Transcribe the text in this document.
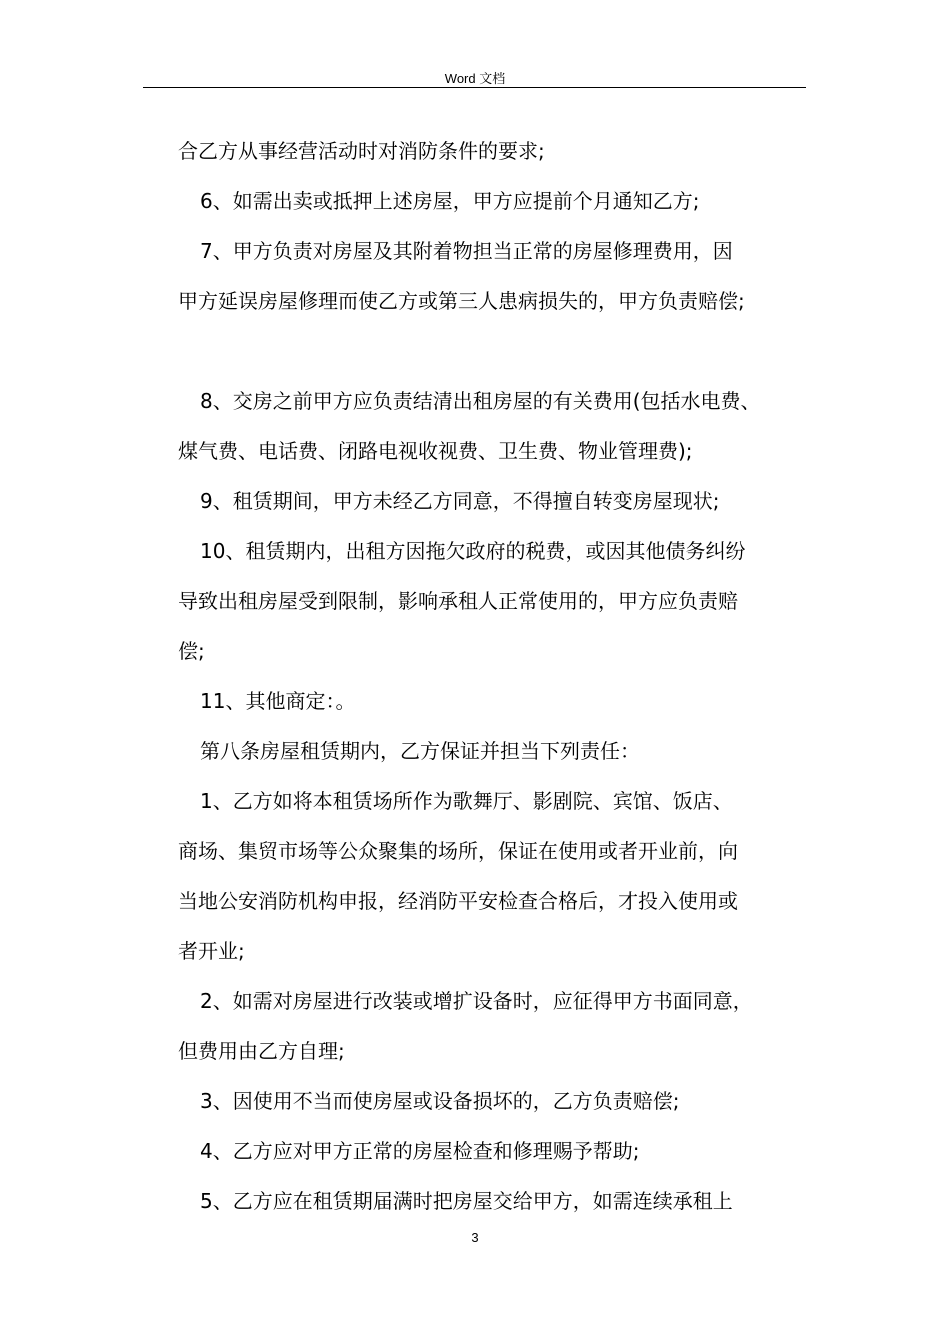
Word 文档

合乙方从事经营活动时对消防条件的要求;

6、如需出卖或抵押上述房屋，甲方应提前个月通知乙方;

7、甲方负责对房屋及其附着物担当正常的房屋修理费用，因

甲方延误房屋修理而使乙方或第三人患病损失的，甲方负责赔偿;

8、交房之前甲方应负责结清出租房屋的有关费用(包括水电费、

煤气费、电话费、闭路电视收视费、卫生费、物业管理费);

9、租赁期间，甲方未经乙方同意，不得擅自转变房屋现状;

10、租赁期内，出租方因拖欠政府的税费，或因其他债务纠纷

导致出租房屋受到限制，影响承租人正常使用的，甲方应负责赔

偿;

11、其他商定：。

第八条房屋租赁期内，乙方保证并担当下列责任：

1、乙方如将本租赁场所作为歌舞厅、影剧院、宾馆、饭店、

商场、集贸市场等公众聚集的场所，保证在使用或者开业前，向

当地公安消防机构申报，经消防平安检查合格后，才投入使用或

者开业;

2、如需对房屋进行改装或增扩设备时，应征得甲方书面同意，

但费用由乙方自理;

3、因使用不当而使房屋或设备损坏的，乙方负责赔偿;

4、乙方应对甲方正常的房屋检查和修理赐予帮助;

5、乙方应在租赁期届满时把房屋交给甲方，如需连续承租上

3
